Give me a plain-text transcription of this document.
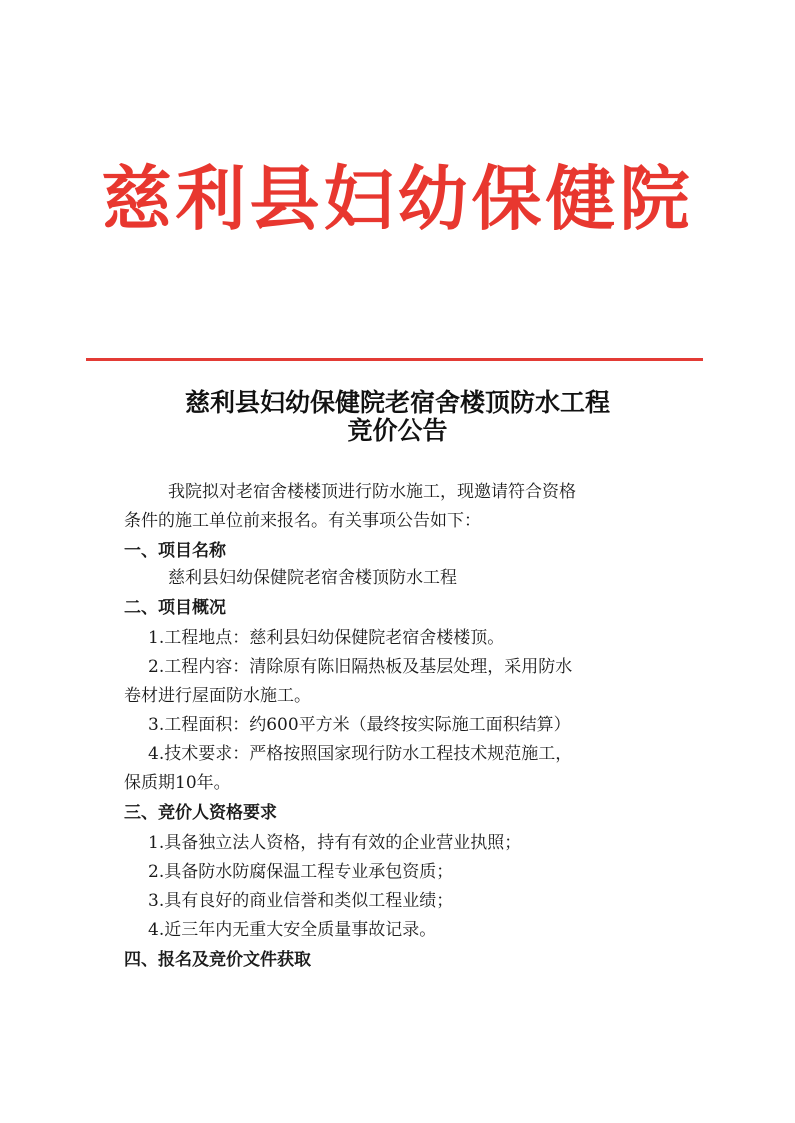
慈利县妇幼保健院
慈利县妇幼保健院老宿舍楼顶防水工程
竞价公告
我院拟对老宿舍楼楼顶进行防水施工，现邀请符合资格
条件的施工单位前来报名。有关事项公告如下：
一、项目名称
慈利县妇幼保健院老宿舍楼顶防水工程
二、项目概况
1.工程地点：慈利县妇幼保健院老宿舍楼楼顶。
2.工程内容：清除原有陈旧隔热板及基层处理，采用防水
卷材进行屋面防水施工。
3.工程面积：约600平方米（最终按实际施工面积结算）
4.技术要求：严格按照国家现行防水工程技术规范施工，
保质期10年。
三、竞价人资格要求
1.具备独立法人资格，持有有效的企业营业执照；
2.具备防水防腐保温工程专业承包资质；
3.具有良好的商业信誉和类似工程业绩；
4.近三年内无重大安全质量事故记录。
四、报名及竞价文件获取
